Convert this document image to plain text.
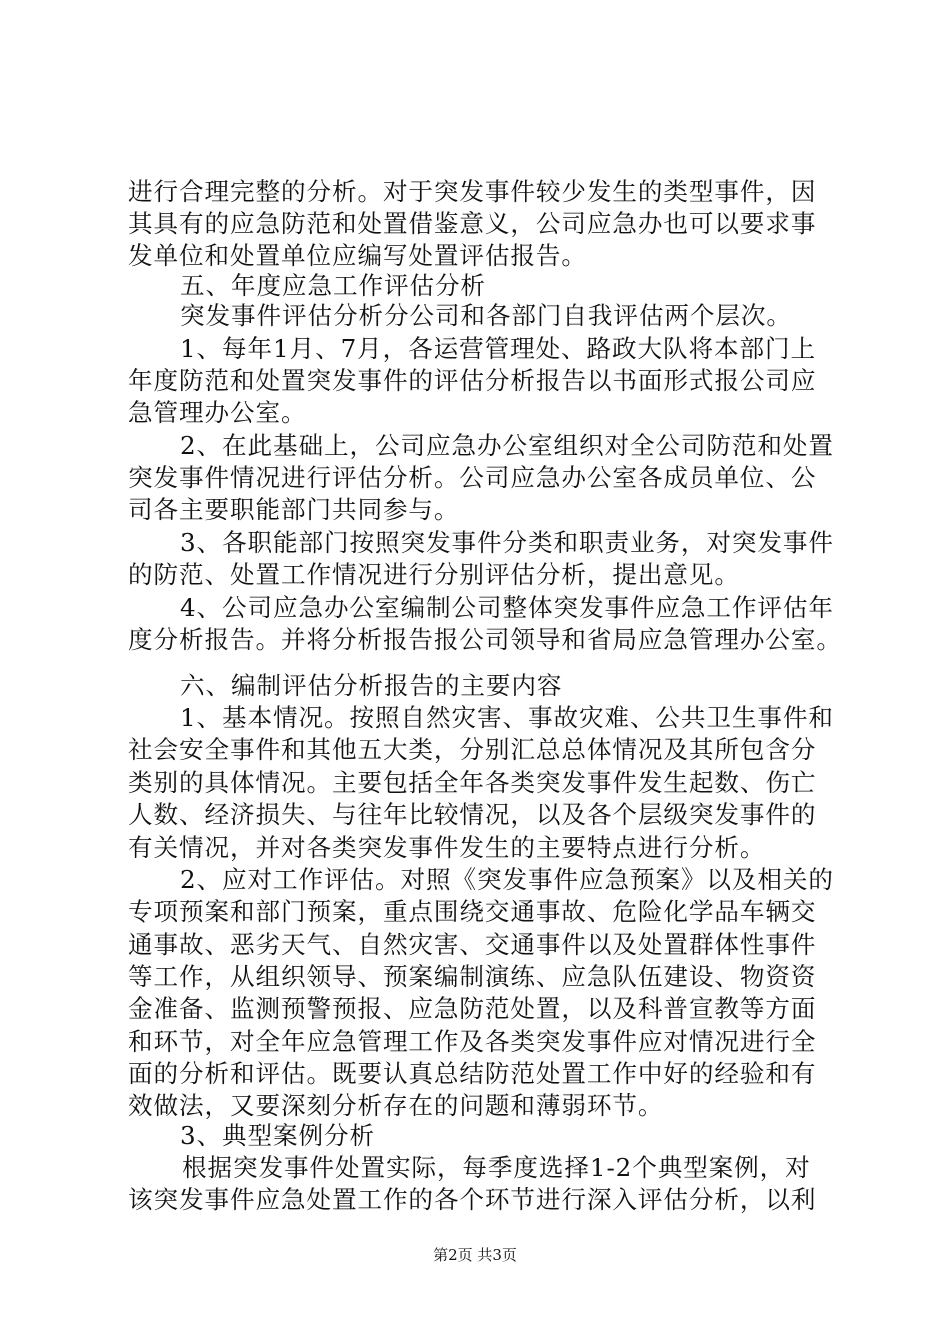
进行合理完整的分析。对于突发事件较少发生的类型事件，因
其具有的应急防范和处置借鉴意义，公司应急办也可以要求事
发单位和处置单位应编写处置评估报告。
五、年度应急工作评估分析
突发事件评估分析分公司和各部门自我评估两个层次。
1、每年1月、7月，各运营管理处、路政大队将本部门上
年度防范和处置突发事件的评估分析报告以书面形式报公司应
急管理办公室。
2、在此基础上，公司应急办公室组织对全公司防范和处置
突发事件情况进行评估分析。公司应急办公室各成员单位、公
司各主要职能部门共同参与。
3、各职能部门按照突发事件分类和职责业务，对突发事件
的防范、处置工作情况进行分别评估分析，提出意见。
4、公司应急办公室编制公司整体突发事件应急工作评估年
度分析报告。并将分析报告报公司领导和省局应急管理办公室。
六、编制评估分析报告的主要内容
1、基本情况。按照自然灾害、事故灾难、公共卫生事件和
社会安全事件和其他五大类，分别汇总总体情况及其所包含分
类别的具体情况。主要包括全年各类突发事件发生起数、伤亡
人数、经济损失、与往年比较情况，以及各个层级突发事件的
有关情况，并对各类突发事件发生的主要特点进行分析。
2、应对工作评估。对照《突发事件应急预案》以及相关的
专项预案和部门预案，重点围绕交通事故、危险化学品车辆交
通事故、恶劣天气、自然灾害、交通事件以及处置群体性事件
等工作，从组织领导、预案编制演练、应急队伍建设、物资资
金准备、监测预警预报、应急防范处置，以及科普宣教等方面
和环节，对全年应急管理工作及各类突发事件应对情况进行全
面的分析和评估。既要认真总结防范处置工作中好的经验和有
效做法，又要深刻分析存在的问题和薄弱环节。
3、典型案例分析
根据突发事件处置实际，每季度选择1-2个典型案例，对
该突发事件应急处置工作的各个环节进行深入评估分析，以利
第2页 共3页
